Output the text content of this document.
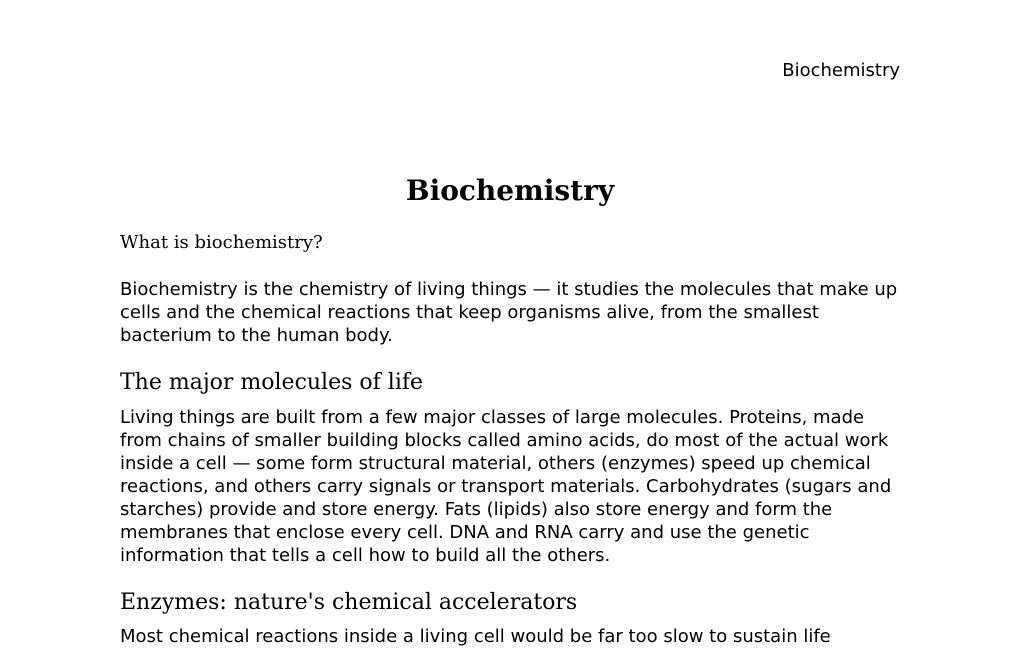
Biochemistry

Biochemistry

What is biochemistry?

Biochemistry is the chemistry of living things — it studies the molecules that make up cells and the chemical reactions that keep organisms alive, from the smallest bacterium to the human body.

The major molecules of life

Living things are built from a few major classes of large molecules. Proteins, made from chains of smaller building blocks called amino acids, do most of the actual work inside a cell — some form structural material, others (enzymes) speed up chemical reactions, and others carry signals or transport materials. Carbohydrates (sugars and starches) provide and store energy. Fats (lipids) also store energy and form the membranes that enclose every cell. DNA and RNA carry and use the genetic information that tells a cell how to build all the others.

Enzymes: nature's chemical accelerators

Most chemical reactions inside a living cell would be far too slow to sustain life
